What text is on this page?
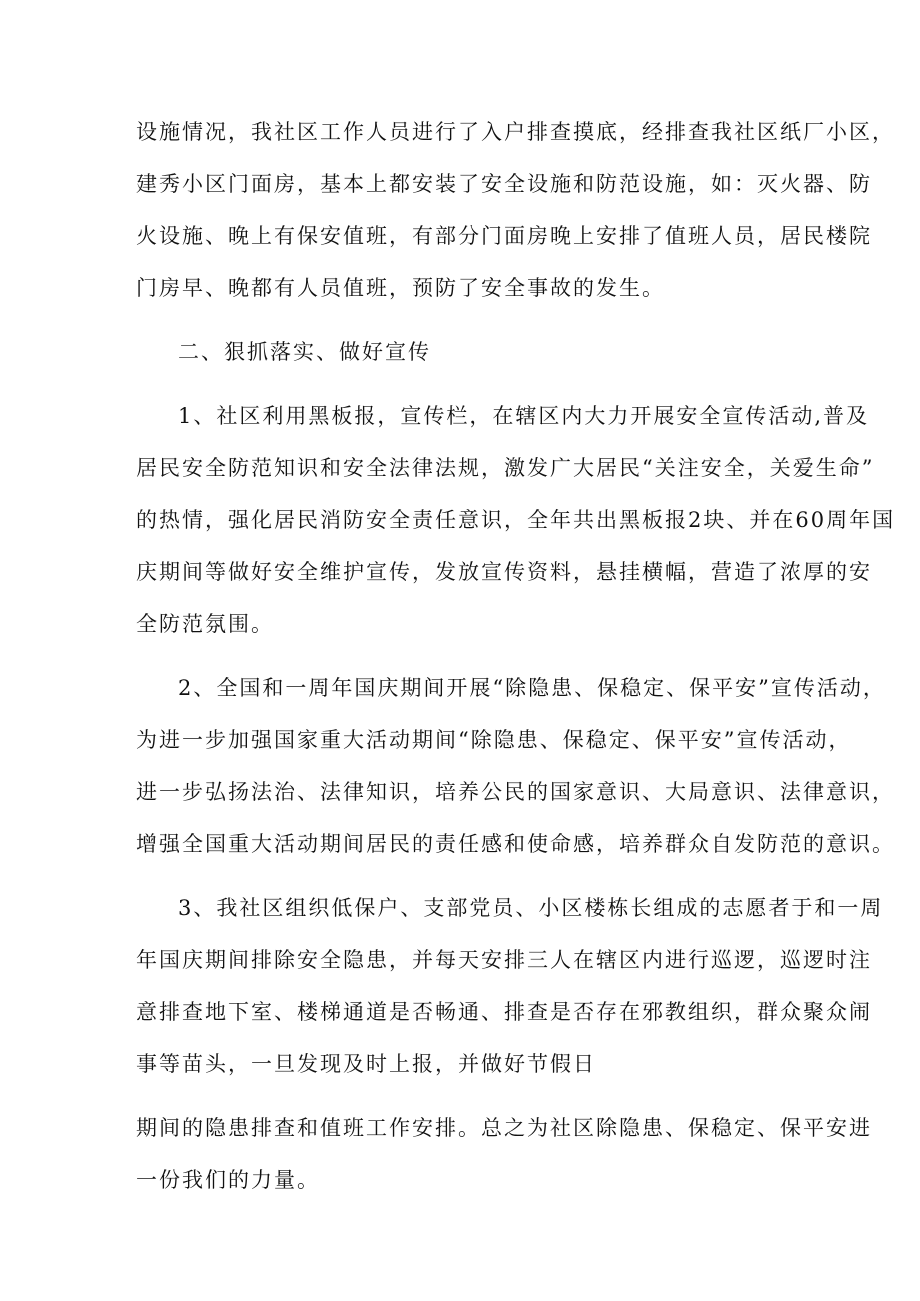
设施情况，我社区工作人员进行了入户排查摸底，经排查我社区纸厂小区，

建秀小区门面房，基本上都安装了安全设施和防范设施，如：灭火器、防

火设施、晚上有保安值班，有部分门面房晚上安排了值班人员，居民楼院

门房早、晚都有人员值班，预防了安全事故的发生。

二、狠抓落实、做好宣传

1、社区利用黑板报，宣传栏，在辖区内大力开展安全宣传活动,普及

居民安全防范知识和安全法律法规，激发广大居民“关注安全，关爱生命”

的热情，强化居民消防安全责任意识，全年共出黑板报2块、并在60周年国

庆期间等做好安全维护宣传，发放宣传资料，悬挂横幅，营造了浓厚的安

全防范氛围。

2、全国和一周年国庆期间开展“除隐患、保稳定、保平安”宣传活动，

为进一步加强国家重大活动期间“除隐患、保稳定、保平安”宣传活动，

进一步弘扬法治、法律知识，培养公民的国家意识、大局意识、法律意识，

增强全国重大活动期间居民的责任感和使命感，培养群众自发防范的意识。

3、我社区组织低保户、支部党员、小区楼栋长组成的志愿者于和一周

年国庆期间排除安全隐患，并每天安排三人在辖区内进行巡逻，巡逻时注

意排查地下室、楼梯通道是否畅通、排查是否存在邪教组织，群众聚众闹

事等苗头，一旦发现及时上报，并做好节假日

期间的隐患排查和值班工作安排。总之为社区除隐患、保稳定、保平安进

一份我们的力量。
